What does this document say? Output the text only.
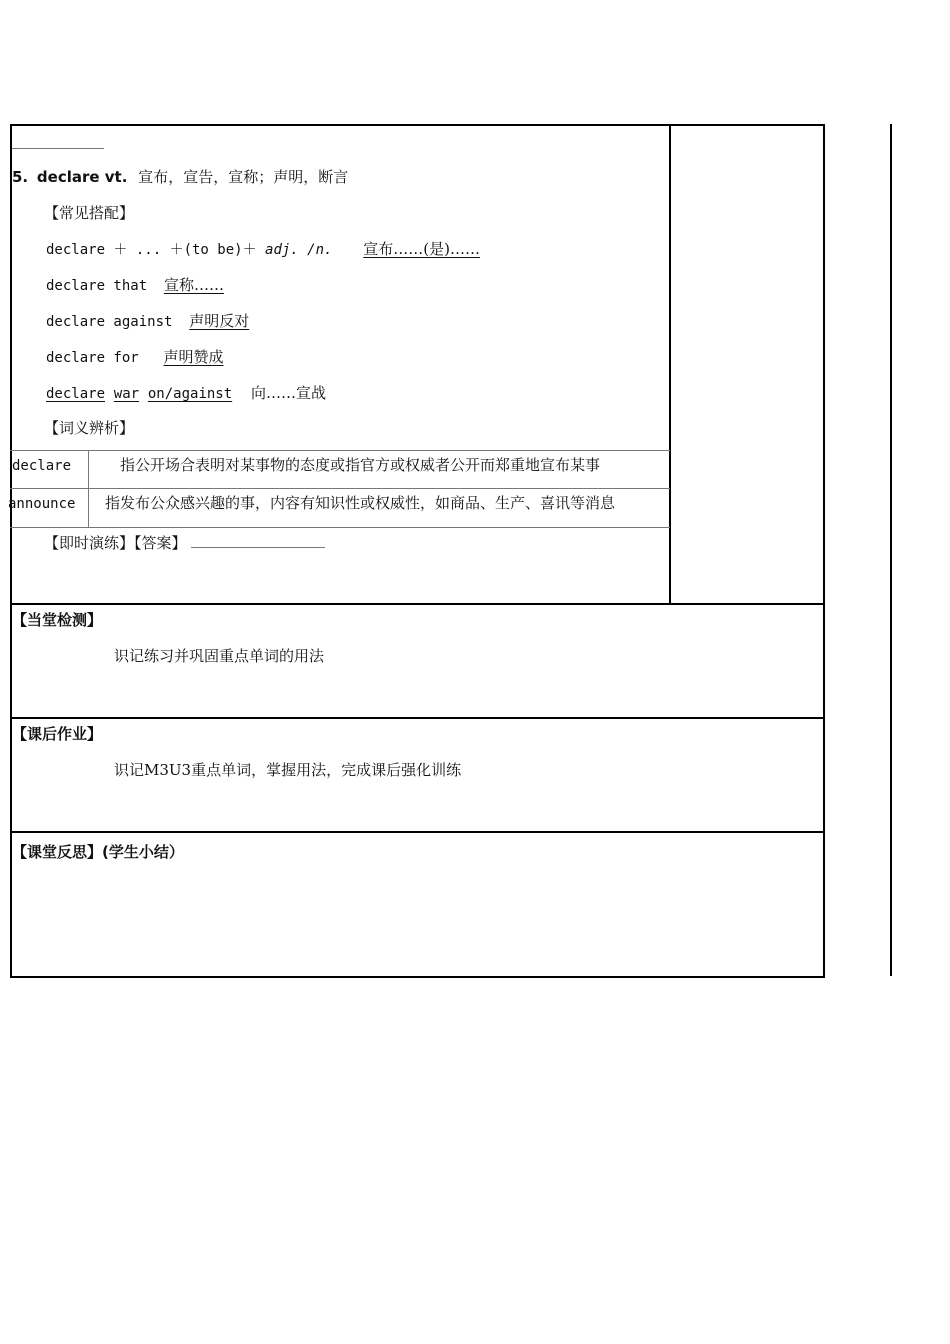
5. declare vt. 宣布，宣告，宣称；声明，断言
【常见搭配】
declare ＋ ... ＋(to be)＋ adj. /n. 宣布……(是)……
declare that 宣称……
declare against 声明反对
declare for 声明赞成
declare war on/against 向……宣战
【词义辨析】
declare	指公开场合表明对某事物的态度或指官方或权威者公开而郑重地宣布某事
announce 指发布公众感兴趣的事，内容有知识性或权威性，如商品、生产、喜讯等消息
【即时演练】【答案】
【当堂检测】
识记练习并巩固重点单词的用法
【课后作业】
识记M3U3重点单词，掌握用法，完成课后强化训练
【课堂反思】(学生小结）
